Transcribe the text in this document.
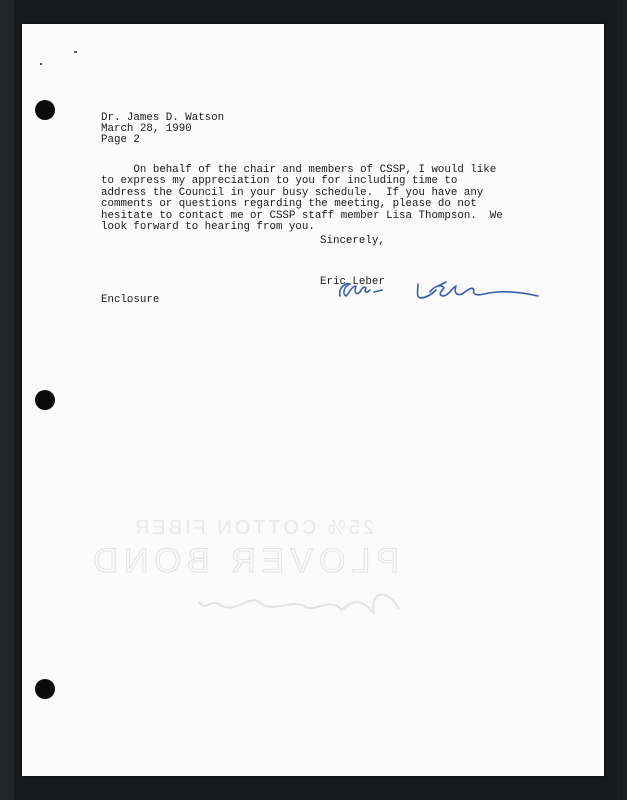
25% COTTON FIBER
PLOVER BOND
Dr. James D. Watson
March 28, 1990
Page 2
On behalf of the chair and members of CSSP, I would like
to express my appreciation to you for including time to
address the Council in your busy schedule.  If you have any
comments or questions regarding the meeting, please do not
hesitate to contact me or CSSP staff member Lisa Thompson.  We
look forward to hearing from you.
Sincerely,
Eric Leber
Enclosure
